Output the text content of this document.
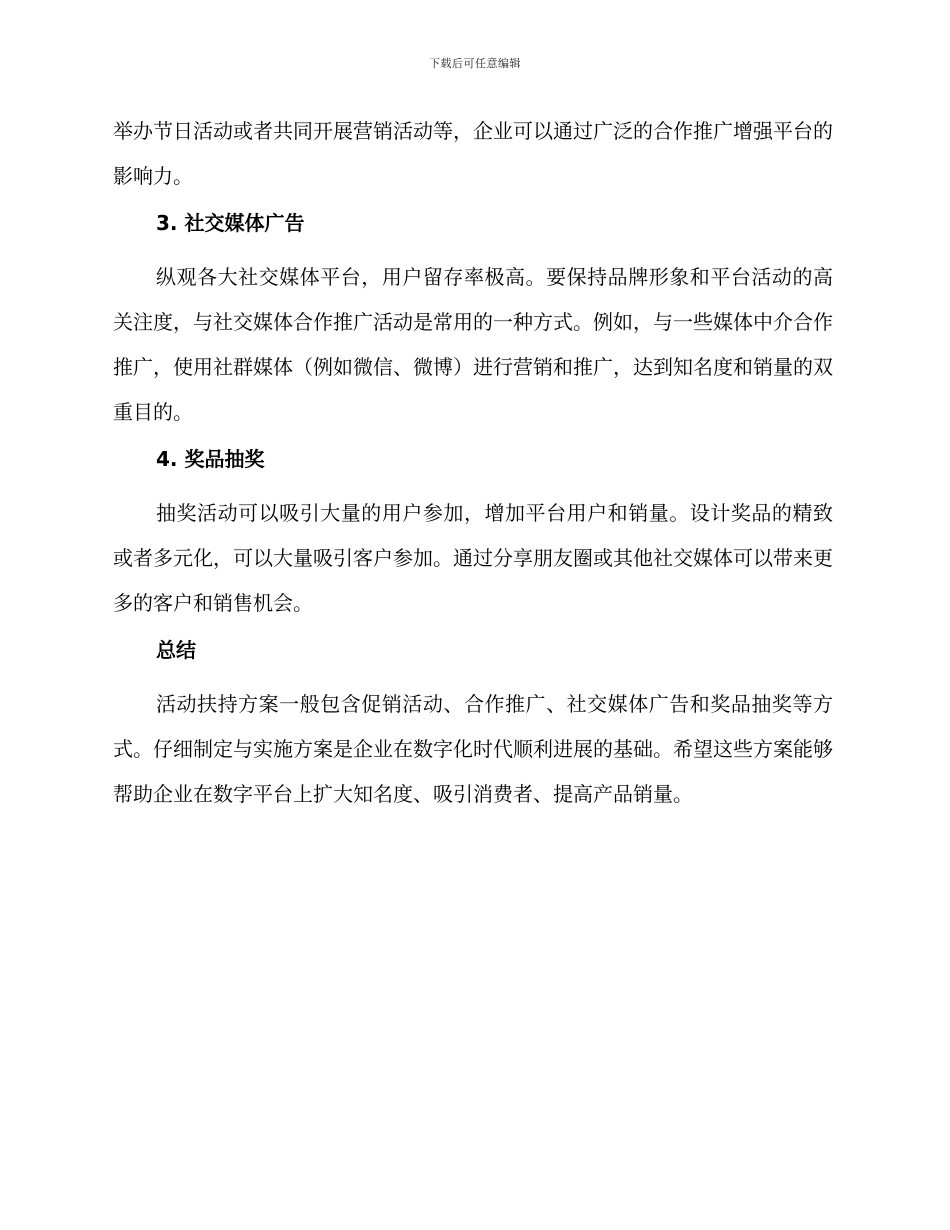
下载后可任意编辑

举办节日活动或者共同开展营销活动等，企业可以通过广泛的合作推广增强平台的影响力。

3. 社交媒体广告

纵观各大社交媒体平台，用户留存率极高。要保持品牌形象和平台活动的高关注度，与社交媒体合作推广活动是常用的一种方式。例如，与一些媒体中介合作推广，使用社群媒体（例如微信、微博）进行营销和推广，达到知名度和销量的双重目的。

4. 奖品抽奖

抽奖活动可以吸引大量的用户参加，增加平台用户和销量。设计奖品的精致或者多元化，可以大量吸引客户参加。通过分享朋友圈或其他社交媒体可以带来更多的客户和销售机会。

总结

活动扶持方案一般包含促销活动、合作推广、社交媒体广告和奖品抽奖等方式。仔细制定与实施方案是企业在数字化时代顺利进展的基础。希望这些方案能够帮助企业在数字平台上扩大知名度、吸引消费者、提高产品销量。
